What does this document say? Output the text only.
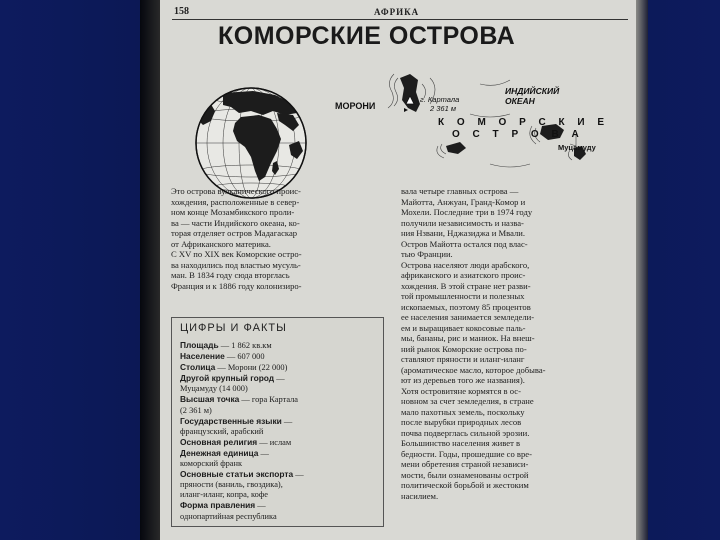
158	АФРИКА
КОМОРСКИЕ ОСТРОВА
ИНДИЙСКИЙ
ОКЕАН
МОРОНИ
г. Картала
2 361 м
К О М О Р С К И Е
О С Т Р О В А
Муцамуду

Это острова вулканического проис-

хождения, расположенные в север-

ном конце Мозамбикского проли-

ва — части Индийского океана, ко-

торая отделяет остров Мадагаскар

от Африканского материка.

С XV по XIX век Коморские остро-

ва находились под властью мусуль-

ман. В 1834 году сюда вторглась

Франция и к 1886 году колонизиро-

ЦИФРЫ И ФАКТЫ
Площадь — 1 862 кв.км
Население — 607 000
Столица — Морони (22 000)
Другой крупный город —
Муцамуду (14 000)
Высшая точка — гора Картала
(2 361 м)
Государственные языки —
французский, арабский
Основная религия — ислам
Денежная единица —
коморский франк
Основные статьи экспорта —
пряности (ваниль, гвоздика),
иланг-иланг, копра, кофе
Форма правления —
однопартийная республика

вала четыре главных острова —

Майотта, Анжуан, Гранд-Комор и

Мохели. Последние три в 1974 году

получили независимость и назва-

ния Нзвани, Нджазиджа и Мвали.

Остров Майотта остался под влас-

тью Франции.

Острова населяют люди арабского,

африканского и азиатского проис-

хождения. В этой стране нет разви-

той промышленности и полезных

ископаемых, поэтому 85 процентов

ее населения занимается земледели-

ем и выращивает кокосовые паль-

мы, бананы, рис и маниок. На внеш-

ний рынок Коморские острова по-

ставляют пряности и иланг-иланг

(ароматическое масло, которое добыва-

ют из деревьев того же названия).

Хотя островитяне кормятся в ос-

новном за счет земледелия, в стране

мало пахотных земель, поскольку

после вырубки природных лесов

почва подверглась сильной эрозии.

Большинство населения живет в

бедности. Годы, прошедшие со вре-

мени обретения страной независи-

мости, были ознаменованы острой

политической борьбой и жестоким

насилием.
